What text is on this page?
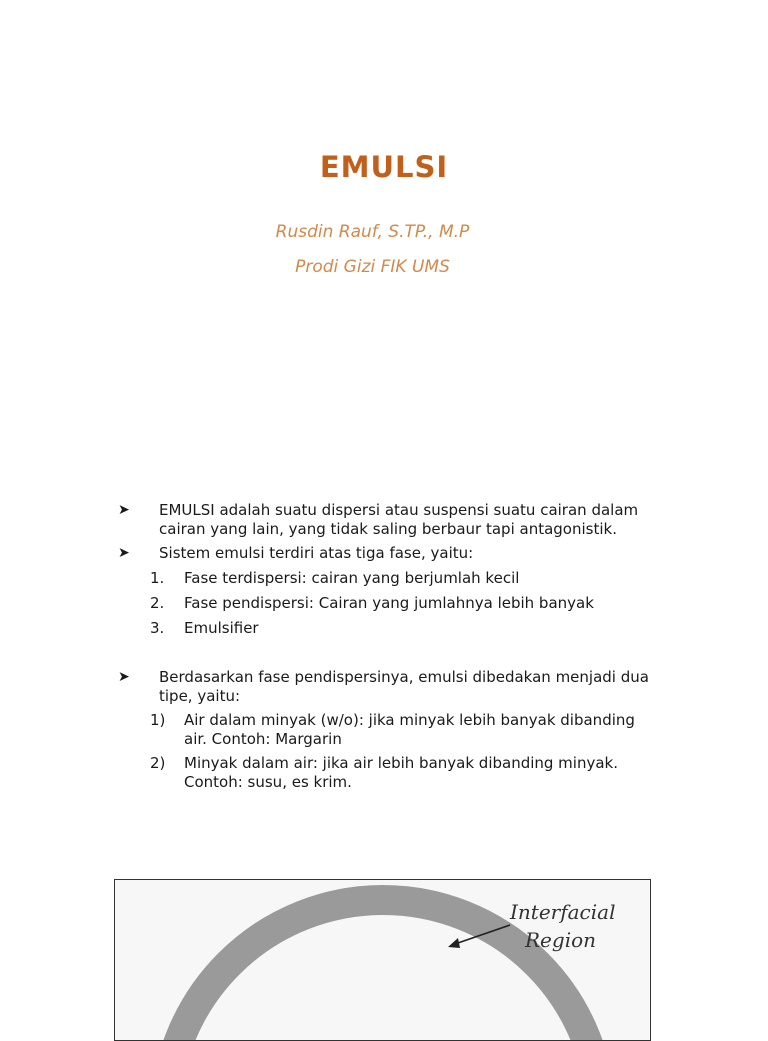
EMULSI
Rusdin Rauf, S.TP., M.P
Prodi Gizi FIK UMS
➤	EMULSI adalah suatu dispersi atau suspensi suatu cairan dalam cairan yang lain, yang tidak saling berbaur tapi antagonistik.
➤	Sistem emulsi terdiri atas tiga fase, yaitu:
1.	Fase terdispersi: cairan yang berjumlah kecil
2.	Fase pendispersi: Cairan yang jumlahnya lebih banyak
3.	Emulsifier
➤	Berdasarkan fase pendispersinya, emulsi dibedakan menjadi dua tipe, yaitu:
1)	Air dalam minyak (w/o): jika minyak lebih banyak dibanding air. Contoh: Margarin
2)	Minyak dalam air: jika air lebih banyak dibanding minyak. Contoh: susu, es krim.
Interfacial
Region
